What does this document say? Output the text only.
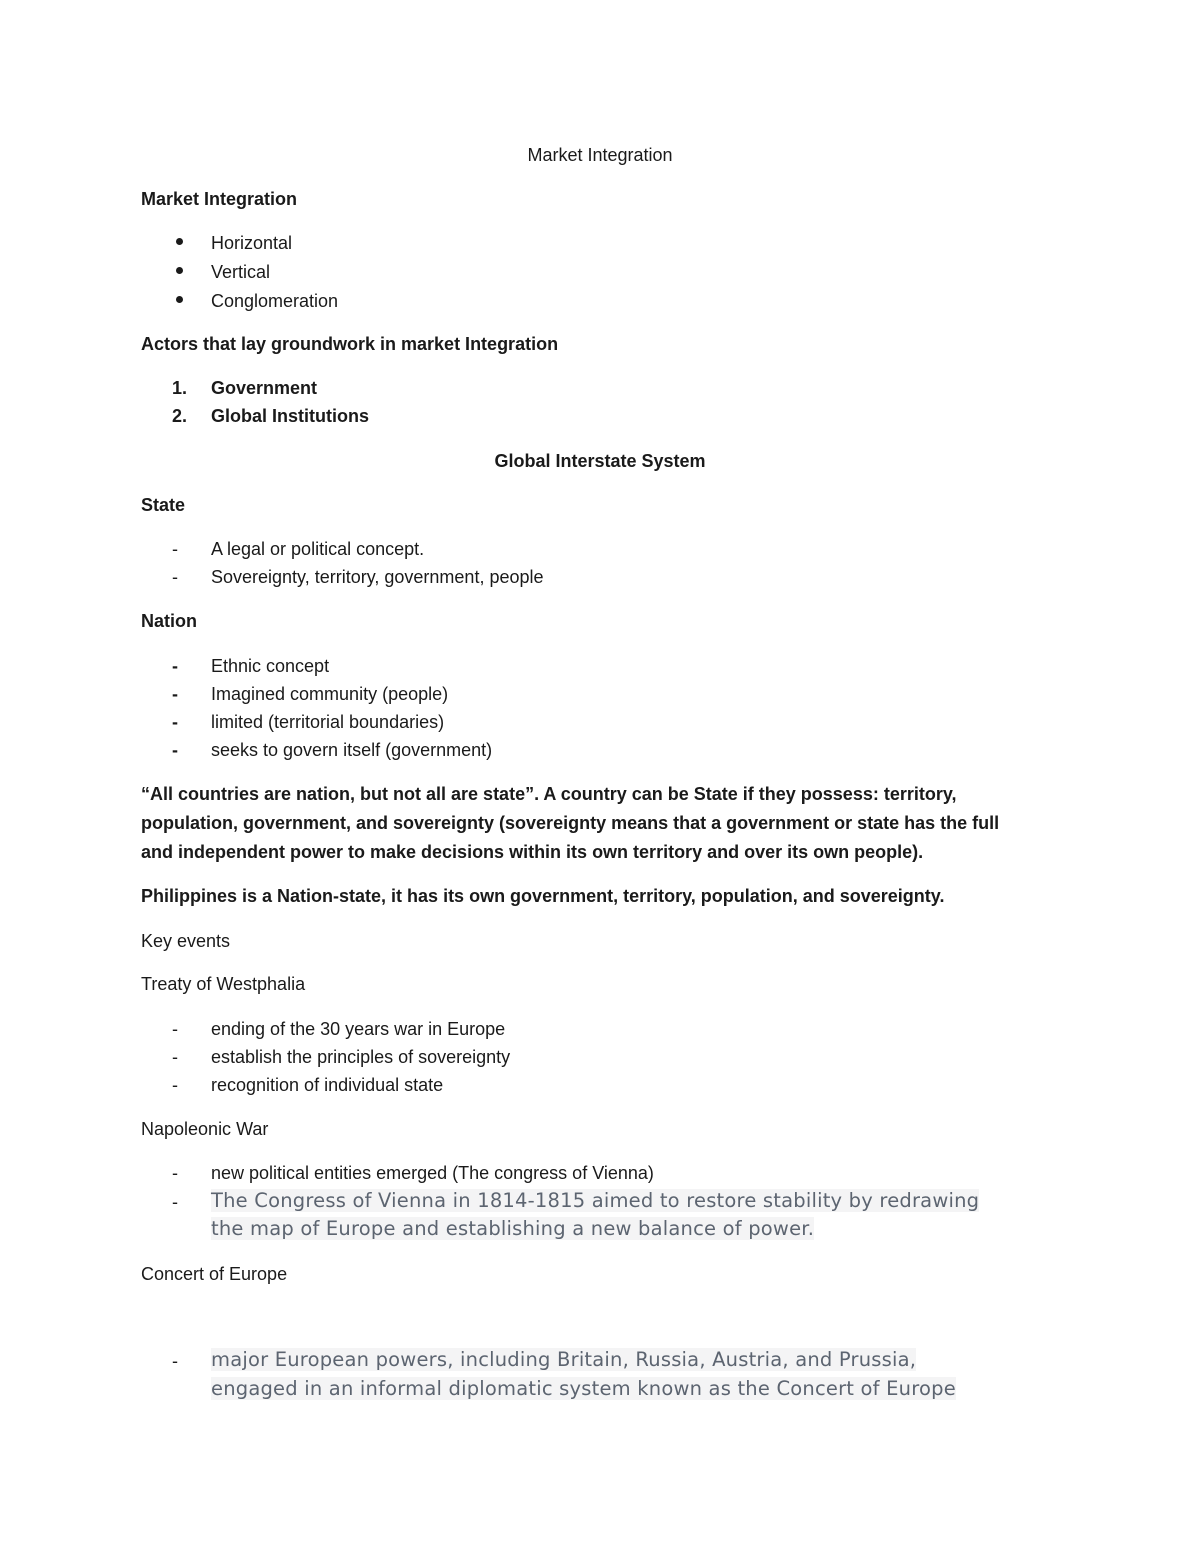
Market Integration
Market Integration
Horizontal
Vertical
Conglomeration
Actors that lay groundwork in market Integration
1. Government
2. Global Institutions
Global Interstate System
State
-	A legal or political concept.
-	Sovereignty, territory, government, people
Nation
-	Ethnic concept
-	Imagined community (people)
-	limited (territorial boundaries)
-	seeks to govern itself (government)
“All countries are nation, but not all are state”. A country can be State if they possess: territory,
population, government, and sovereignty (sovereignty means that a government or state has the full
and independent power to make decisions within its own territory and over its own people).
Philippines is a Nation-state, it has its own government, territory, population, and sovereignty.
Key events
Treaty of Westphalia
-	ending of the 30 years war in Europe
-	establish the principles of sovereignty
-	recognition of individual state
Napoleonic War
-	new political entities emerged (The congress of Vienna)
-	The Congress of Vienna in 1814-1815 aimed to restore stability by redrawing
the map of Europe and establishing a new balance of power.
Concert of Europe
-	major European powers, including Britain, Russia, Austria, and Prussia,
engaged in an informal diplomatic system known as the Concert of Europe
